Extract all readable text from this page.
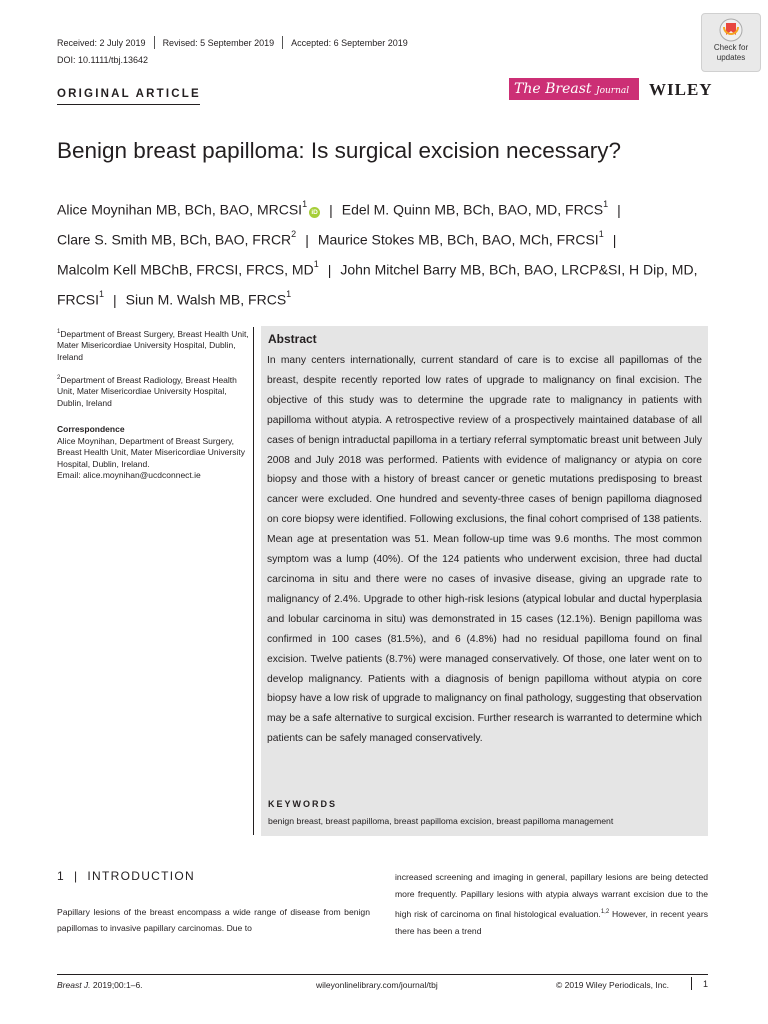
Received: 2 July 2019 Revised: 5 September 2019 Accepted: 6 September 2019
DOI: 10.1111/tbj.13642
Check for
updates
ORIGINAL ARTICLE	The Breast Journal	WILEY
Benign breast papilloma: Is surgical excision necessary?
Alice Moynihan MB, BCh, BAO, MRCSI$^1$iD | Edel M. Quinn MB, BCh, BAO, MD, FRCS$^1$ |
Clare S. Smith MB, BCh, BAO, FRCR$^2$ | Maurice Stokes MB, BCh, BAO, MCh, FRCSI$^1$ |
Malcolm Kell MBChB, FRCSI, FRCS, $MD^1$ | John Mitchel Barry MB, BCh, BAO, LRCP&SI, H Dip, MD, FRCSI$^1$ | Siun M. Walsh MB, FRCS$^1$
$^1$Department of Breast Surgery, Breast Health Unit, Mater Misericordiae University Hospital, Dublin, Ireland
$^2$Department of Breast Radiology, Breast Health Unit, Mater Misericordiae University Hospital, Dublin, Ireland
Correspondence
Alice Moynihan, Department of Breast Surgery, Breast Health Unit, Mater Misericordiae University Hospital, Dublin, Ireland.
Email: alice.moynihan@ucdconnect.ie
Abstract
In many centers internationally, current standard of care is to excise all papillomas of the breast, despite recently reported low rates of upgrade to malignancy on final excision. The objective of this study was to determine the upgrade rate to malignancy in patients with papilloma without atypia. A retrospective review of a prospectively maintained database of all cases of benign intraductal papilloma in a tertiary referral symptomatic breast unit between July 2008 and July 2018 was performed. Patients with evidence of malignancy or atypia on core biopsy and those with a history of breast cancer or genetic mutations predisposing to breast cancer were excluded. One hundred and seventy-three cases of benign papilloma diagnosed on core biopsy were identified. Following exclusions, the final cohort comprised of 138 patients. Mean age at presentation was 51. Mean follow-up time was 9.6 months. The most common symptom was a lump (40%). Of the 124 patients who underwent excision, three had ductal carcinoma in situ and there were no cases of invasive disease, giving an upgrade rate to malignancy of 2.4%. Upgrade to other high-risk lesions (atypical lobular and ductal hyperplasia and lobular carcinoma in situ) was demonstrated in 15 cases (12.1%). Benign papilloma was confirmed in 100 cases (81.5%), and 6 (4.8%) had no residual papilloma found on final excision. Twelve patients (8.7%) were managed conservatively. Of those, one later went on to develop malignancy. Patients with a diagnosis of benign papilloma without atypia on core biopsy have a low risk of upgrade to malignancy on final pathology, suggesting that observation may be a safe alternative to surgical excision. Further research is warranted to determine which patients can be safely managed conservatively.
KEYWORDS
benign breast, breast papilloma, breast papilloma excision, breast papilloma management
1 | INTRODUCTION
Papillary lesions of the breast encompass a wide range of disease from benign papillomas to invasive papillary carcinomas. Due to
increased screening and imaging in general, papillary lesions are being detected more frequently. Papillary lesions with atypia always warrant excision due to the high risk of carcinoma on final histological evaluation.$^{1,2}$ However, in recent years there has been a trend
Breast J. 2019;00:1–6.	wileyonlinelibrary.com/journal/tbj	© 2019 Wiley Periodicals, Inc.	1
